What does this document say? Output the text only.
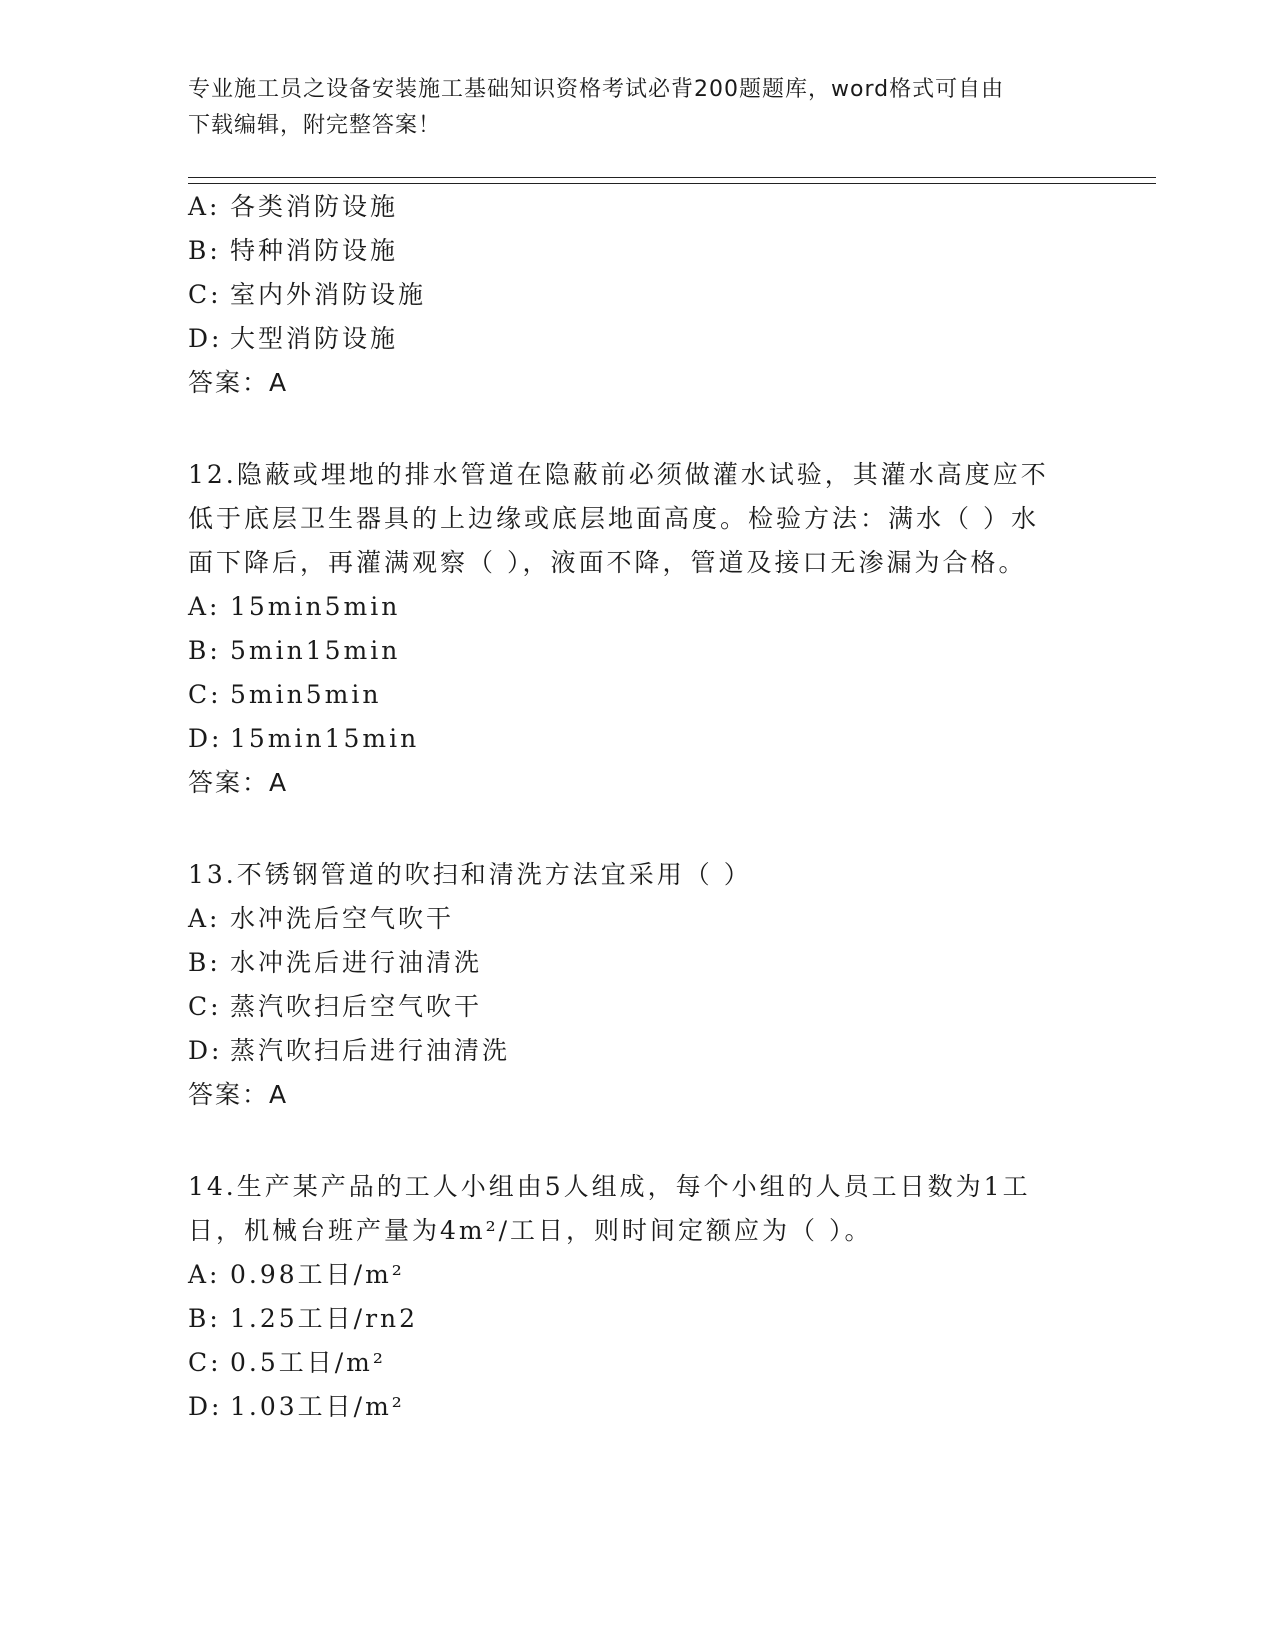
专业施工员之设备安装施工基础知识资格考试必背200题题库，word格式可自由
下载编辑，附完整答案！
A: 各类消防设施
B: 特种消防设施
C: 室内外消防设施
D: 大型消防设施
答案：A
12.隐蔽或埋地的排水管道在隐蔽前必须做灌水试验，其灌水高度应不
低于底层卫生器具的上边缘或底层地面高度。检验方法：满水（ ）水
面下降后，再灌满观察（ ），液面不降，管道及接口无渗漏为合格。
A: 15min5min
B: 5min15min
C: 5min5min
D: 15min15min
答案：A
13.不锈钢管道的吹扫和清洗方法宜采用（ ）
A: 水冲洗后空气吹干
B: 水冲洗后进行油清洗
C: 蒸汽吹扫后空气吹干
D: 蒸汽吹扫后进行油清洗
答案：A
14.生产某产品的工人小组由5人组成，每个小组的人员工日数为1工
日，机械台班产量为4m²/工日，则时间定额应为（ ）。
A: 0.98工日/m²
B: 1.25工日/rn2
C: 0.5工日/m²
D: 1.03工日/m²
